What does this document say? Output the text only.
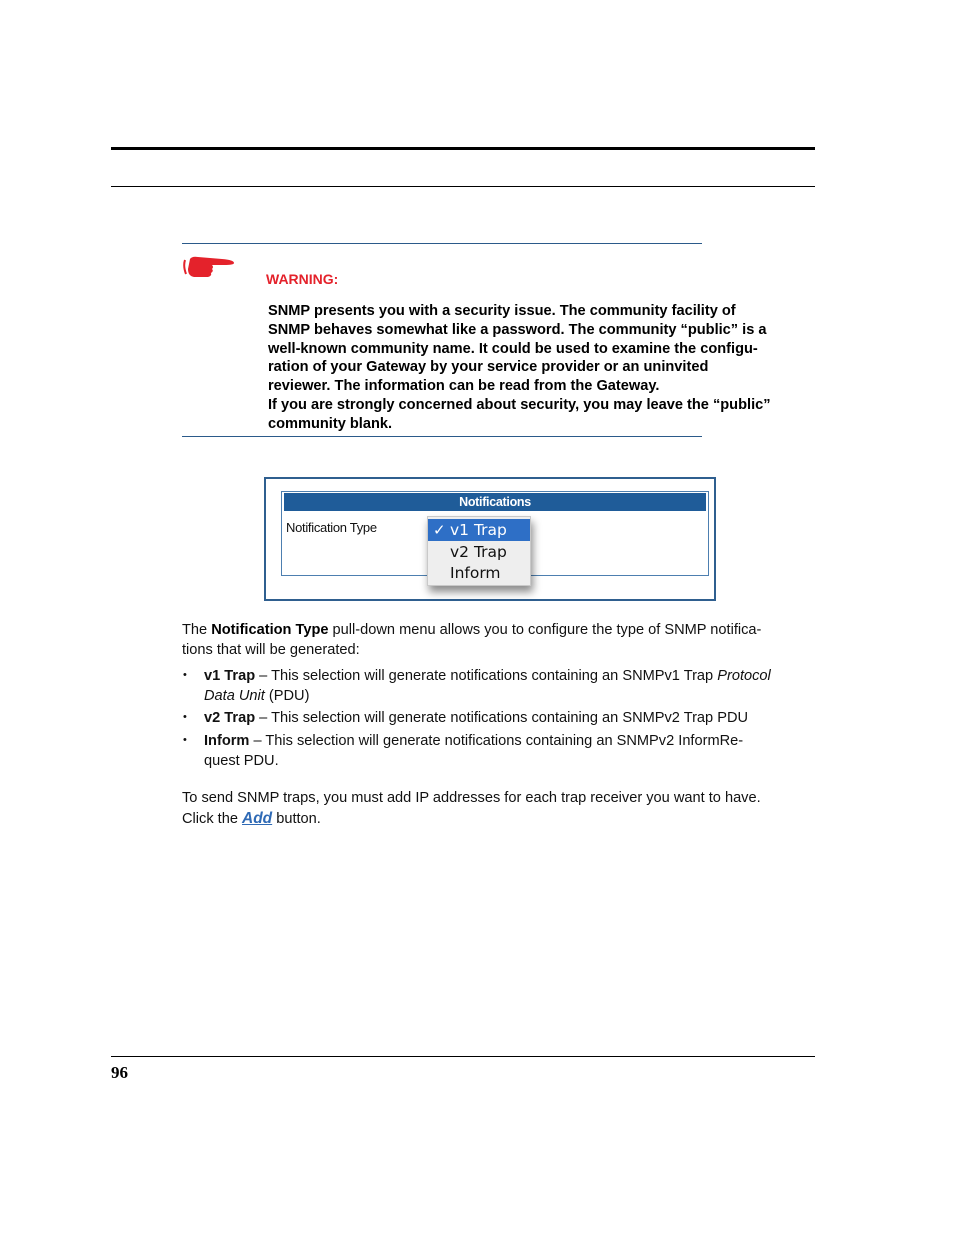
WARNING:

SNMP presents you with a security issue. The community facility of

SNMP behaves somewhat like a password. The community “public” is a

well-known community name. It could be used to examine the configu-

ration of your Gateway by your service provider or an uninvited

reviewer. The information can be read from the Gateway.

If you are strongly concerned about security, you may leave the “public”

community blank.

Notifications
Notification Type	✓ v1 Trap
v2 Trap
Inform
The Notification Type pull-down menu allows you to configure the type of SNMP notifica-
tions that will be generated:
• v1 Trap – This selection will generate notifications containing an SNMPv1 Trap Protocol
Data Unit (PDU)
• v2 Trap – This selection will generate notifications containing an SNMPv2 Trap PDU
• Inform – This selection will generate notifications containing an SNMPv2 InformRe-
quest PDU.
To send SNMP traps, you must add IP addresses for each trap receiver you want to have.
Click the Add button.
96
